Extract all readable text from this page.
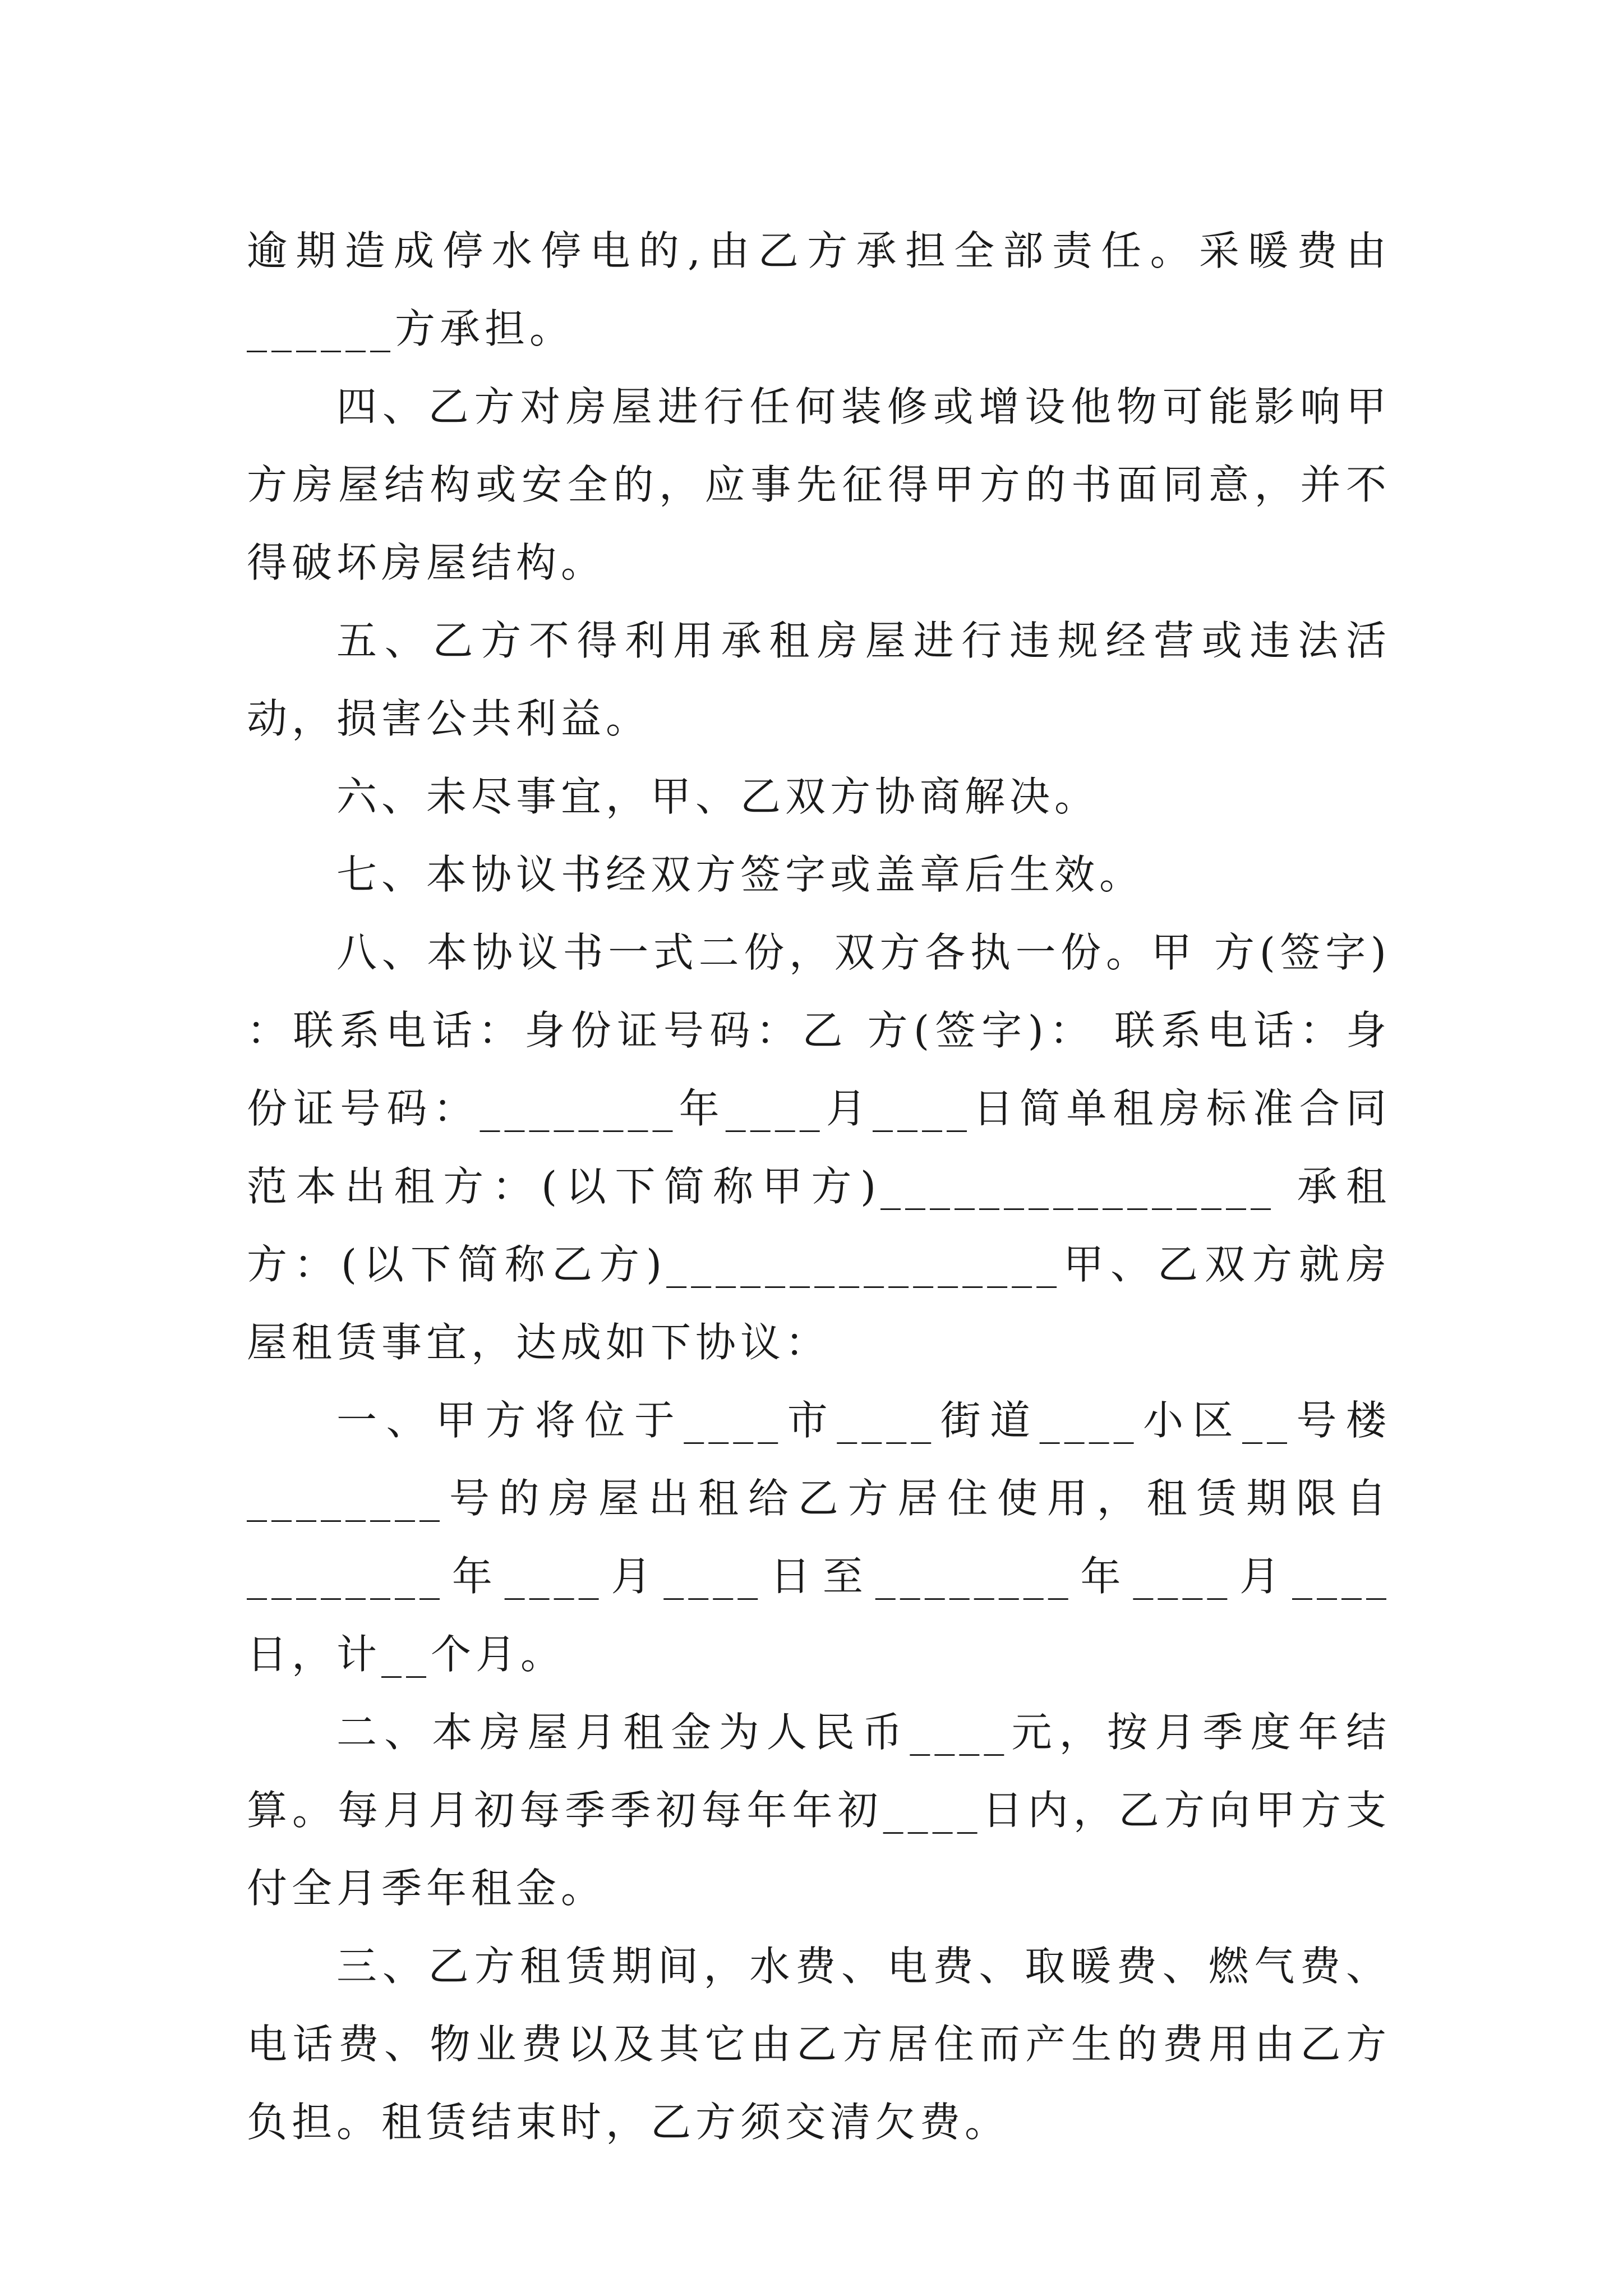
逾期造成停水停电的,由乙方承担全部责任。采暖费由______方承担。

四、乙方对房屋进行任何装修或增设他物可能影响甲方房屋结构或安全的，应事先征得甲方的书面同意，并不得破坏房屋结构。

五、乙方不得利用承租房屋进行违规经营或违法活动，损害公共利益。

六、未尽事宜，甲、乙双方协商解决。

七、本协议书经双方签字或盖章后生效。

八、本协议书一式二份，双方各执一份。甲 方(签字) ：联系电话：身份证号码：乙 方(签字)： 联系电话：身份证号码：________年____月____日简单租房标准合同范本出租方：(以下简称甲方)________________ 承租方：(以下简称乙方)________________甲、乙双方就房屋租赁事宜，达成如下协议：

一、甲方将位于____市____街道____小区__号楼________号的房屋出租给乙方居住使用，租赁期限自________年____月____日至________年____月____日，计__个月。

二、本房屋月租金为人民币____元，按月季度年结算。每月月初每季季初每年年初____日内，乙方向甲方支付全月季年租金。

三、乙方租赁期间，水费、电费、取暖费、燃气费、电话费、物业费以及其它由乙方居住而产生的费用由乙方负担。租赁结束时，乙方须交清欠费。
